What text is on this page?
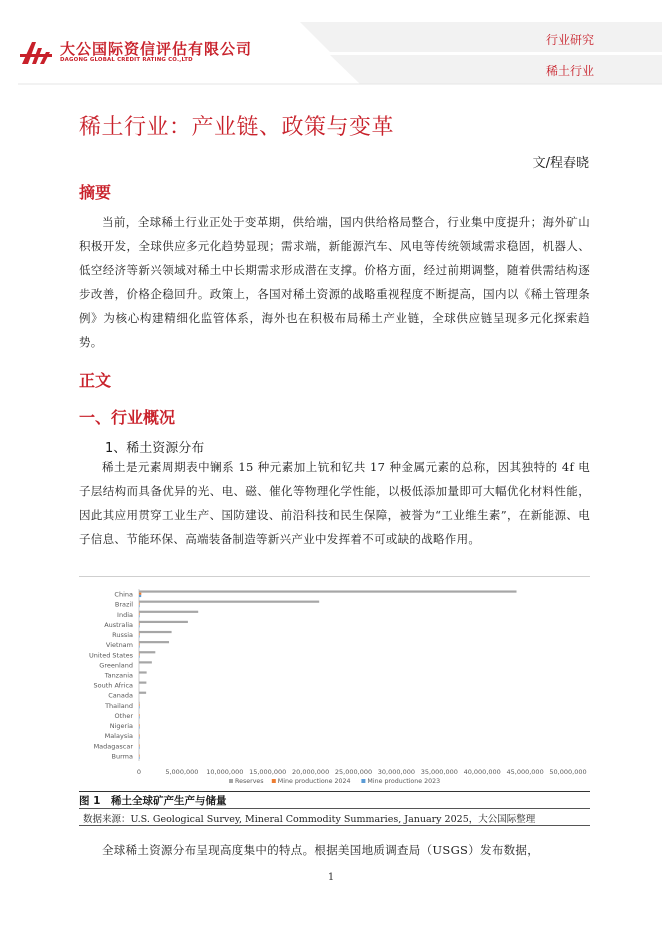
大公国际资信评估有限公司
DAGONG GLOBAL CREDIT RATING CO.,LTD
行业研究
稀土行业
稀土行业：产业链、政策与变革
文/程春晓
摘要
当前，全球稀土行业正处于变革期，供给端，国内供给格局整合，行业集中度提升；海外矿山积极开发，全球供应多元化趋势显现；需求端，新能源汽车、风电等传统领域需求稳固，机器人、低空经济等新兴领域对稀土中长期需求形成潜在支撑。价格方面，经过前期调整，随着供需结构逐步改善，价格企稳回升。政策上，各国对稀土资源的战略重视程度不断提高，国内以《稀土管理条例》为核心构建精细化监管体系，海外也在积极布局稀土产业链，全球供应链呈现多元化探索趋势。
正文
一、行业概况
1、稀土资源分布
稀土是元素周期表中镧系 15 种元素加上钪和钇共 17 种金属元素的总称，因其独特的 4f 电子层结构而具备优异的光、电、磁、催化等物理化学性能，以极低添加量即可大幅优化材料性能，因此其应用贯穿工业生产、国防建设、前沿科技和民生保障，被誉为“工业维生素”，在新能源、电子信息、节能环保、高端装备制造等新兴产业中发挥着不可或缺的战略作用。
China
Brazil
India
Australia
Russia
Vietnam
United States
Greenland
Tanzania
South Africa
Canada
Thailand
Other
Nigeria
Malaysia
Madagascar
Burma
0	5,000,000 10,000,000 15,000,000 20,000,000 25,000,000 30,000,000 35,000,000 40,000,000 45,000,000 50,000,000
Reserves Mine productione 2024	Mine productione 2023
图 1　稀土全球矿产生产与储量
数据来源：U.S. Geological Survey, Mineral Commodity Summaries, January 2025，大公国际整理
全球稀土资源分布呈现高度集中的特点。根据美国地质调查局（USGS）发布数据，
1
